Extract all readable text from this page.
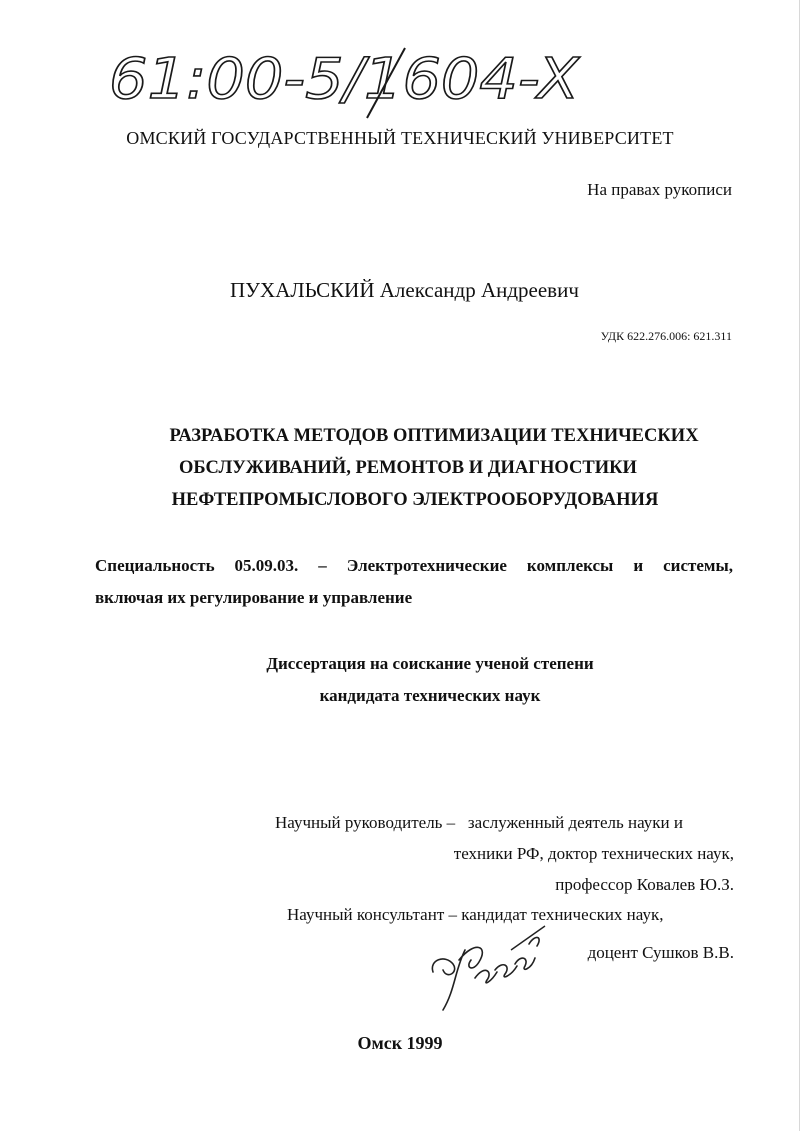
61:00-5/1604-X
ОМСКИЙ ГОСУДАРСТВЕННЫЙ ТЕХНИЧЕСКИЙ УНИВЕРСИТЕТ
На правах рукописи
ПУХАЛЬСКИЙ Александр Андреевич
УДК 622.276.006: 621.311
РАЗРАБОТКА МЕТОДОВ ОПТИМИЗАЦИИ ТЕХНИЧЕСКИХ
ОБСЛУЖИВАНИЙ, РЕМОНТОВ И ДИАГНОСТИКИ
НЕФТЕПРОМЫСЛОВОГО ЭЛЕКТРООБОРУДОВАНИЯ
Специальность 05.09.03. – Электротехнические комплексы и системы,
включая их регулирование и управление
Диссертация на соискание ученой степени
кандидата технических наук
Научный руководитель –   заслуженный деятель науки и
техники РФ, доктор технических наук,
профессор Ковалев Ю.З.
Научный консультант – кандидат технических наук,
доцент Сушков В.В.
Омск 1999
